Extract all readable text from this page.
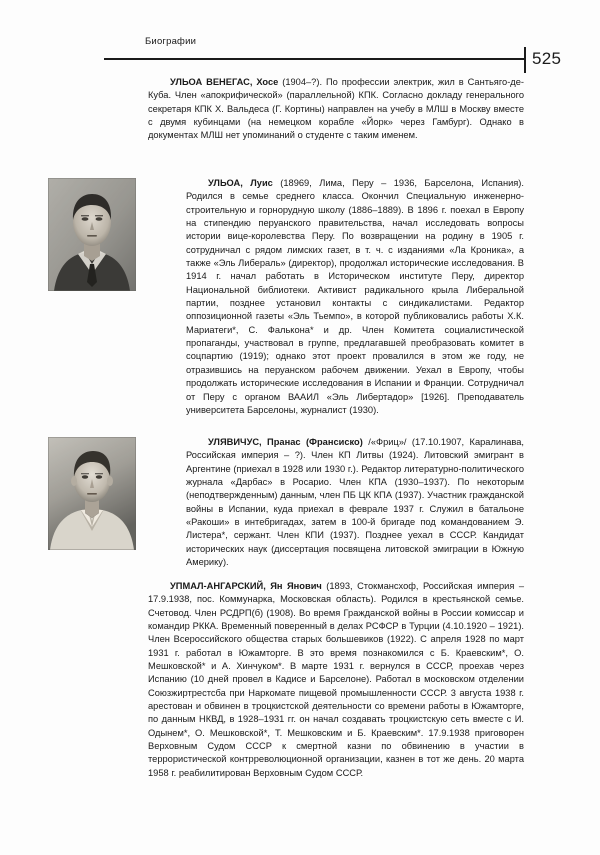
Биографии
525

УЛЬОА ВЕНЕГАС, Хосе (1904–?). По профессии электрик, жил в Сантьяго-де-Куба. Член «апокрифической» (параллельной) КПК. Согласно докладу генерального секретаря КПК Х. Вальдеса (Г. Кортины) направлен на учебу в МЛШ в Москву вместе с двумя кубинцами (на немецком корабле «Йорк» через Гамбург). Однако в документах МЛШ нет упоминаний о студенте с таким именем.

УЛЬОА, Луис (18969, Лима, Перу – 1936, Барселона, Испания). Родился в семье среднего класса. Окончил Специальную инженерно-строительную и горнорудную школу (1886–1889). В 1896 г. поехал в Европу на стипендию перуанского правительства, начал исследовать вопросы истории вице-королевства Перу. По возвращении на родину в 1905 г. сотрудничал с рядом лимских газет, в т. ч. с изданиями «Ла Кроника», а также «Эль Либераль» (директор), продолжал исторические исследования. В 1914 г. начал работать в Историческом институте Перу, директор Национальной библиотеки. Активист радикального крыла Либеральной партии, позднее установил контакты с синдикалистами. Редактор оппозиционной газеты «Эль Тьемпо», в которой публиковались работы Х.К. Мариатеги*, С. Фалькона* и др. Член Комитета социалистической пропаганды, участвовал в группе, предлагавшей преобразовать комитет в соцпартию (1919); однако этот проект провалился в этом же году, не отразившись на перуанском рабочем движении. Уехал в Европу, чтобы продолжать исторические исследования в Испании и Франции. Сотрудничал от Перу с органом ВААИЛ «Эль Либертадор» [1926]. Преподаватель университета Барселоны, журналист (1930).

УЛЯВИЧУС, Пранас (Франсиско) /«Фриц»/ (17.10.1907, Каралинава, Российская империя – ?). Член КП Литвы (1924). Литовский эмигрант в Аргентине (приехал в 1928 или 1930 г.). Редактор литературно-политического журнала «Дарбас» в Росарио. Член КПА (1930–1937). По некоторым (неподтвержденным) данным, член ПБ ЦК КПА (1937). Участник гражданской войны в Испании, куда приехал в феврале 1937 г. Служил в батальоне «Ракоши» в интебригадах, затем в 100-й бригаде под командованием Э. Листера*, сержант. Член КПИ (1937). Позднее уехал в СССР. Кандидат исторических наук (диссертация посвящена литовской эмиграции в Южную Америку).

УПМАЛ-АНГАРСКИЙ, Ян Янович (1893, Стокмансхоф, Российская империя – 17.9.1938, пос. Коммунарка, Московская область). Родился в крестьянской семье. Счетовод. Член РСДРП(б) (1908). Во время Гражданской войны в России комиссар и командир РККА. Временный поверенный в делах РСФСР в Турции (4.10.1920 – 1921). Член Всероссийского общества старых большевиков (1922). С апреля 1928 по март 1931 г. работал в Южамторге. В это время познакомился с Б. Краевским*, О. Мешковской* и А. Хинчуком*. В марте 1931 г. вернулся в СССР, проехав через Испанию (10 дней провел в Кадисе и Барселоне). Работал в московском отделении Союзжиртрестсба при Наркомате пищевой промышленности СССР. 3 августа 1938 г. арестован и обвинен в троцкистской деятельности со времени работы в Южамторге, по данным НКВД, в 1928–1931 гг. он начал создавать троцкистскую сеть вместе с И. Одынем*, О. Мешковской*, Т. Мешковским и Б. Краевским*. 17.9.1938 приговорен Верховным Судом СССР к смертной казни по обвинению в участии в террористической контрреволюционной организации, казнен в тот же день. 20 марта 1958 г. реабилитирован Верховным Судом СССР.
